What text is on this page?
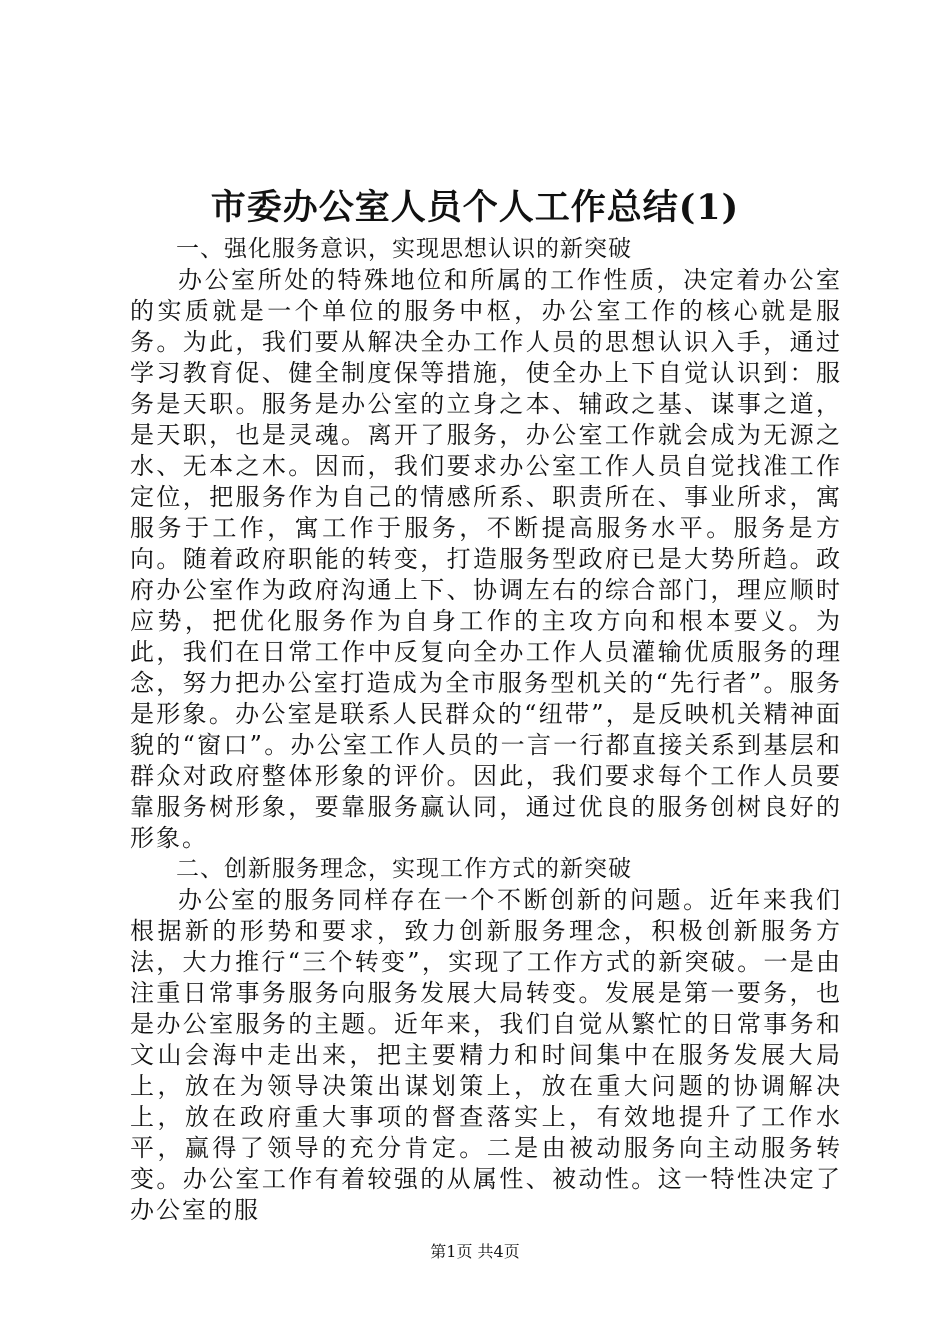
市委办公室人员个人工作总结(1)

一、强化服务意识，实现思想认识的新突破

办公室所处的特殊地位和所属的工作性质，决定着办公室的实质就是一个单位的服务中枢，办公室工作的核心就是服务。为此，我们要从解决全办工作人员的思想认识入手，通过学习教育促、健全制度保等措施，使全办上下自觉认识到：服务是天职。服务是办公室的立身之本、辅政之基、谋事之道，是天职，也是灵魂。离开了服务，办公室工作就会成为无源之水、无本之木。因而，我们要求办公室工作人员自觉找准工作定位，把服务作为自己的情感所系、职责所在、事业所求，寓服务于工作，寓工作于服务，不断提高服务水平。服务是方向。随着政府职能的转变，打造服务型政府已是大势所趋。政府办公室作为政府沟通上下、协调左右的综合部门，理应顺时应势，把优化服务作为自身工作的主攻方向和根本要义。为此，我们在日常工作中反复向全办工作人员灌输优质服务的理念，努力把办公室打造成为全市服务型机关的“先行者”。服务是形象。办公室是联系人民群众的“纽带”，是反映机关精神面貌的“窗口”。办公室工作人员的一言一行都直接关系到基层和群众对政府整体形象的评价。因此，我们要求每个工作人员要靠服务树形象，要靠服务赢认同，通过优良的服务创树良好的形象。

二、创新服务理念，实现工作方式的新突破

办公室的服务同样存在一个不断创新的问题。近年来我们根据新的形势和要求，致力创新服务理念，积极创新服务方法，大力推行“三个转变”，实现了工作方式的新突破。一是由注重日常事务服务向服务发展大局转变。发展是第一要务，也是办公室服务的主题。近年来，我们自觉从繁忙的日常事务和文山会海中走出来，把主要精力和时间集中在服务发展大局上，放在为领导决策出谋划策上，放在重大问题的协调解决上，放在政府重大事项的督查落实上，有效地提升了工作水平，赢得了领导的充分肯定。二是由被动服务向主动服务转变。办公室工作有着较强的从属性、被动性。这一特性决定了办公室的服

第1页 共4页
